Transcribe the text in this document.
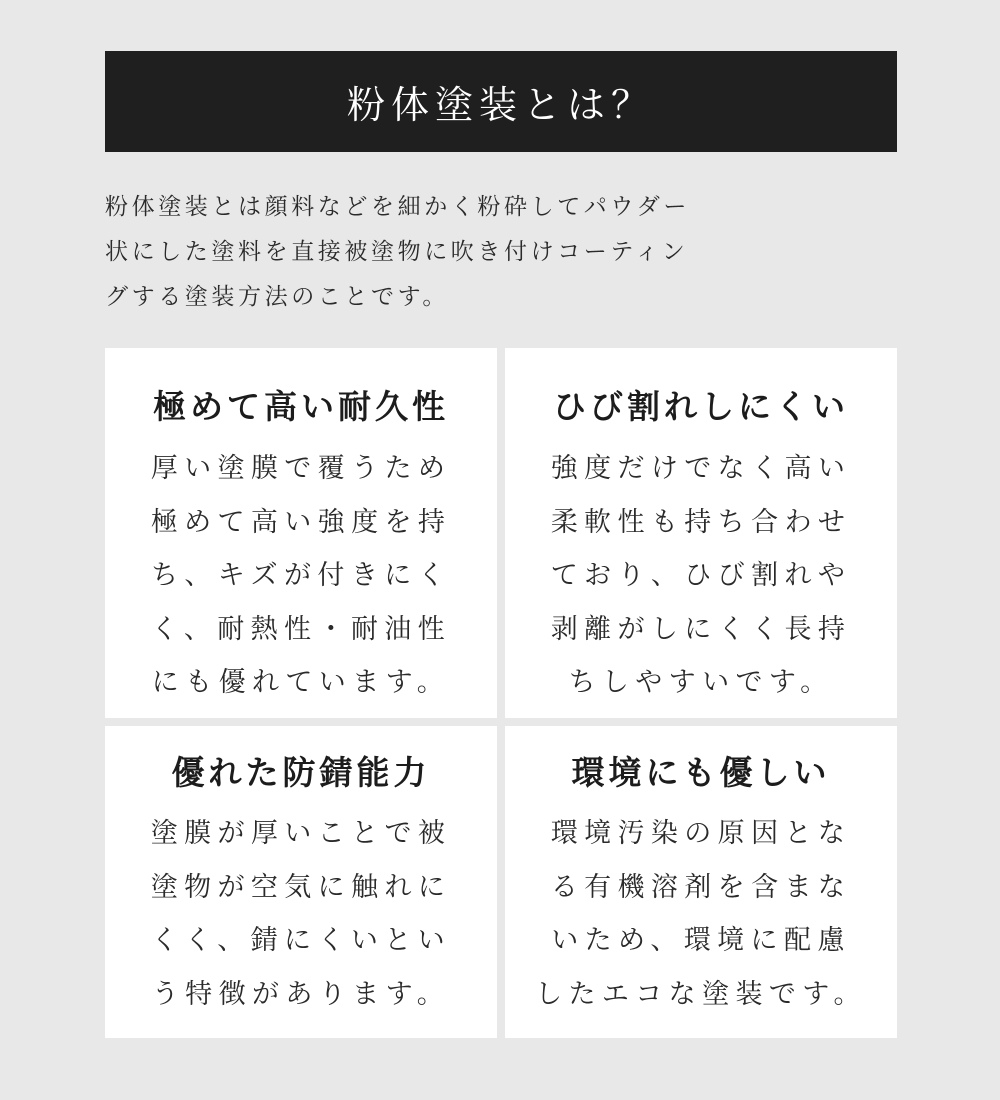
粉体塗装とは？
粉体塗装とは顔料などを細かく粉砕してパウダー
状にした塗料を直接被塗物に吹き付けコーティン
グする塗装方法のことです。
極めて高い耐久性
厚い塗膜で覆うため
極めて高い強度を持
ち、キズが付きにく
く、耐熱性・耐油性
にも優れています。
ひび割れしにくい
強度だけでなく高い
柔軟性も持ち合わせ
ており、ひび割れや
剥離がしにくく長持
ちしやすいです。
優れた防錆能力
塗膜が厚いことで被
塗物が空気に触れに
くく、錆にくいとい
う特徴があります。
環境にも優しい
環境汚染の原因とな
る有機溶剤を含まな
いため、環境に配慮
したエコな塗装です。
